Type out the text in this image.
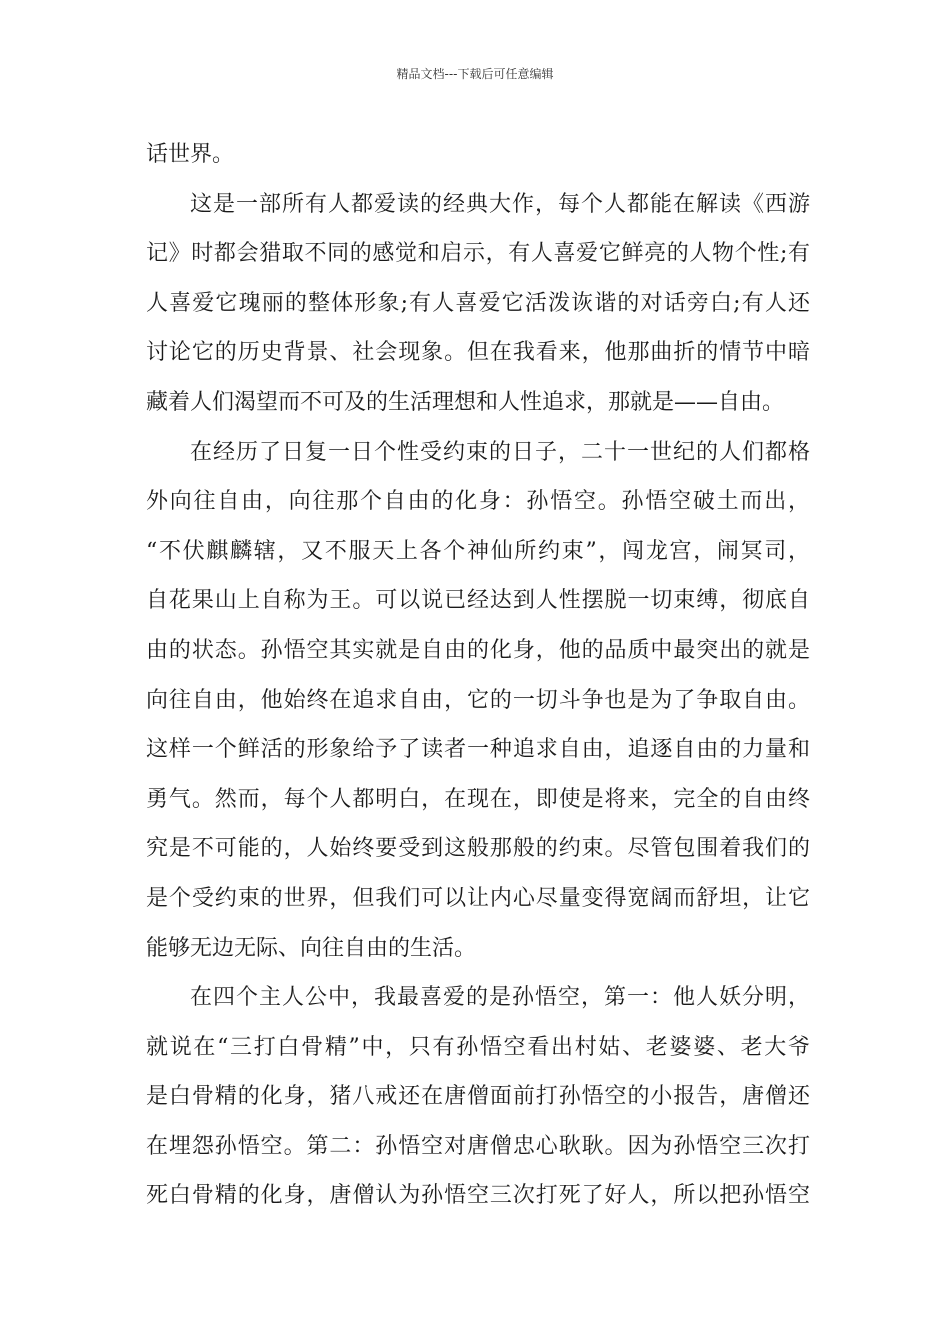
精品文档---下载后可任意编辑
话世界。
这是一部所有人都爱读的经典大作，每个人都能在解读《西游
记》时都会猎取不同的感觉和启示，有人喜爱它鲜亮的人物个性;有
人喜爱它瑰丽的整体形象;有人喜爱它活泼诙谐的对话旁白;有人还
讨论它的历史背景、社会现象。但在我看来，他那曲折的情节中暗
藏着人们渴望而不可及的生活理想和人性追求，那就是——自由。
在经历了日复一日个性受约束的日子，二十一世纪的人们都格
外向往自由，向往那个自由的化身：孙悟空。孙悟空破土而出，
“不伏麒麟辖，又不服天上各个神仙所约束”，闯龙宫，闹冥司，
自花果山上自称为王。可以说已经达到人性摆脱一切束缚，彻底自
由的状态。孙悟空其实就是自由的化身，他的品质中最突出的就是
向往自由，他始终在追求自由，它的一切斗争也是为了争取自由。
这样一个鲜活的形象给予了读者一种追求自由，追逐自由的力量和
勇气。然而，每个人都明白，在现在，即使是将来，完全的自由终
究是不可能的，人始终要受到这般那般的约束。尽管包围着我们的
是个受约束的世界，但我们可以让内心尽量变得宽阔而舒坦，让它
能够无边无际、向往自由的生活。
在四个主人公中，我最喜爱的是孙悟空，第一：他人妖分明，
就说在“三打白骨精”中，只有孙悟空看出村姑、老婆婆、老大爷
是白骨精的化身，猪八戒还在唐僧面前打孙悟空的小报告，唐僧还
在埋怨孙悟空。第二：孙悟空对唐僧忠心耿耿。因为孙悟空三次打
死白骨精的化身，唐僧认为孙悟空三次打死了好人，所以把孙悟空
